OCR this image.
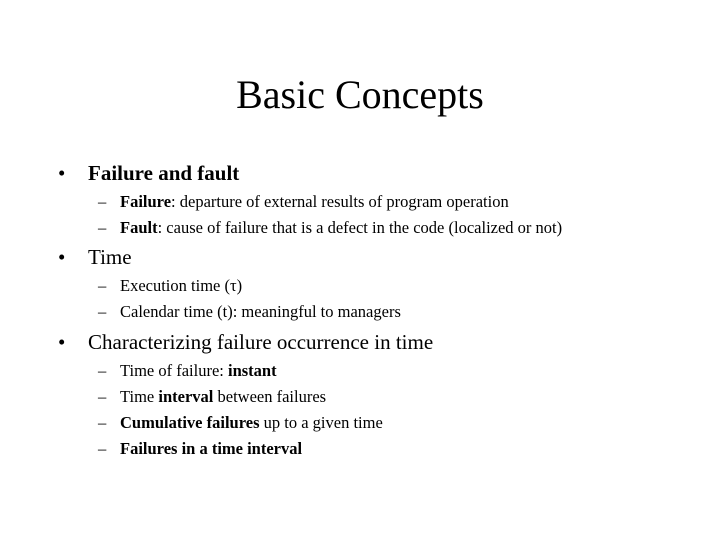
Basic Concepts
• Failure and fault
– Failure: departure of external results of program operation
– Fault: cause of failure that is a defect in the code (localized or not)
• Time
– Execution time (τ)
– Calendar time (t): meaningful to managers
• Characterizing failure occurrence in time
– Time of failure: instant
– Time interval between failures
– Cumulative failures up to a given time
– Failures in a time interval
